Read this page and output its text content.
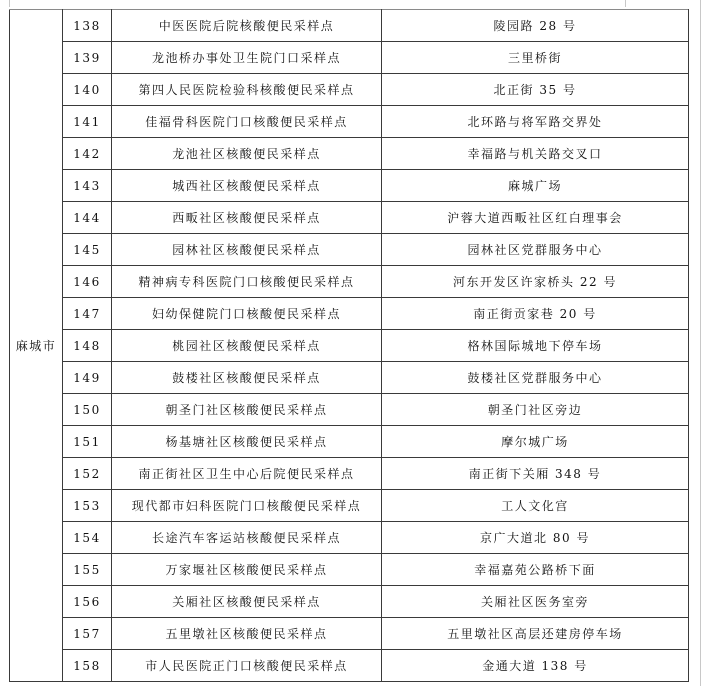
麻城市	138	中医医院后院核酸便民采样点	陵园路 28 号
	139	龙池桥办事处卫生院门口采样点	三里桥街
	140	第四人民医院检验科核酸便民采样点	北正街 35 号
	141	佳福骨科医院门口核酸便民采样点	北环路与将军路交界处
	142	龙池社区核酸便民采样点	幸福路与机关路交叉口
	143	城西社区核酸便民采样点	麻城广场
	144	西畈社区核酸便民采样点	沪蓉大道西畈社区红白理事会
	145	园林社区核酸便民采样点	园林社区党群服务中心
	146	精神病专科医院门口核酸便民采样点	河东开发区许家桥头 22 号
	147	妇幼保健院门口核酸便民采样点	南正街贡家巷 20 号
	148	桃园社区核酸便民采样点	格林国际城地下停车场
	149	鼓楼社区核酸便民采样点	鼓楼社区党群服务中心
	150	朝圣门社区核酸便民采样点	朝圣门社区旁边
	151	杨基塘社区核酸便民采样点	摩尔城广场
	152	南正街社区卫生中心后院便民采样点	南正街下关厢 348 号
	153	现代都市妇科医院门口核酸便民采样点	工人文化宫
	154	长途汽车客运站核酸便民采样点	京广大道北 80 号
	155	万家堰社区核酸便民采样点	幸福嘉苑公路桥下面
	156	关厢社区核酸便民采样点	关厢社区医务室旁
	157	五里墩社区核酸便民采样点	五里墩社区高层还建房停车场
	158	市人民医院正门口核酸便民采样点	金通大道 138 号
